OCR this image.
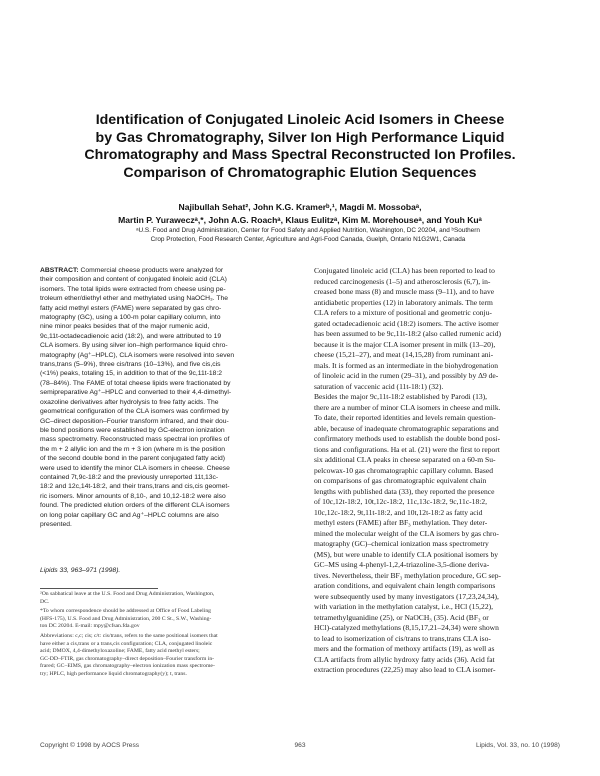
Identification of Conjugated Linoleic Acid Isomers in Cheese
by Gas Chromatography, Silver Ion High Performance Liquid
Chromatography and Mass Spectral Reconstructed Ion Profiles.
Comparison of Chromatographic Elution Sequences
Najibullah Sehat², John K.G. Kramerᵇ,¹, Magdi M. Mossobaᵃ,
Martin P. Yuraweczᵃ,*, John A.G. Roachᵃ, Klaus Eulitzᵃ, Kim M. Morehouseᵃ, and Youh Kuᵃ
ᵃU.S. Food and Drug Administration, Center for Food Safety and Applied Nutrition, Washington, DC 20204, and ᵇSouthern
Crop Protection, Food Research Center, Agriculture and Agri-Food Canada, Guelph, Ontario N1G2W1, Canada
ABSTRACT: Commercial cheese products were analyzed for
their composition and content of conjugated linoleic acid (CLA)
isomers. The total lipids were extracted from cheese using pe-
troleum ether/diethyl ether and methylated using NaOCH₃. The
fatty acid methyl esters (FAME) were separated by gas chro-
matography (GC), using a 100-m polar capillary column, into
nine minor peaks besides that of the major rumenic acid,
9c,11t-octadecadienoic acid (18:2), and were attributed to 19
CLA isomers. By using silver ion–high performance liquid chro-
matography (Ag⁺–HPLC), CLA isomers were resolved into seven
trans,trans (5–9%), three cis/trans (10–13%), and five cis,cis
(<1%) peaks, totaling 15, in addition to that of the 9c,11t-18:2
(78–84%). The FAME of total cheese lipids were fractionated by
semipreparative Ag⁺–HPLC and converted to their 4,4-dimethyl-
oxazoline derivatives after hydrolysis to free fatty acids. The
geometrical configuration of the CLA isomers was confirmed by
GC–direct deposition–Fourier transform infrared, and their dou-
ble bond positions were established by GC-electron ionization
mass spectrometry. Reconstructed mass spectral ion profiles of
the m + 2 allylic ion and the m + 3 ion (where m is the position
of the second double bond in the parent conjugated fatty acid)
were used to identify the minor CLA isomers in cheese. Cheese
contained 7t,9c-18:2 and the previously unreported 11t,13c-
18:2 and 12c,14t-18:2, and their trans,trans and cis,cis geomet-
ric isomers. Minor amounts of 8,10-, and 10,12-18:2 were also
found. The predicted elution orders of the different CLA isomers
on long polar capillary GC and Ag⁺–HPLC columns are also
presented.
Lipids 33, 963–971 (1998).
²On sabbatical leave at the U.S. Food and Drug Administration, Washington,
DC.
*To whom correspondence should be addressed at Office of Food Labeling
(HFS-175), U.S. Food and Drug Administration, 200 C St., S.W., Washing-
ton DC 20204. E-mail: mpy@cfsan.fda.gov
Abbreviations: c,c; cis; c/t: cis/trans, refers to the same positional isomers that
have either a cis,trans or a trans,cis configuration; CLA, conjugated linoleic
acid; DMOX, 4,4-dimethyloxazoline; FAME, fatty acid methyl esters;
GC-DD–FTIR, gas chromatography–direct deposition–Fourier transform in-
frared; GC–EIMS, gas chromatography–electron ionization mass spectrome-
try; HPLC, high performance liquid chromatography(y); t, trans.
Conjugated linoleic acid (CLA) has been reported to lead to
reduced carcinogenesis (1–5) and atherosclerosis (6,7), in-
creased bone mass (8) and muscle mass (9–11), and to have
antidiabetic properties (12) in laboratory animals. The term
CLA refers to a mixture of positional and geometric conju-
gated octadecadienoic acid (18:2) isomers. The active isomer
has been assumed to be 9c,11t-18:2 (also called rumenic acid)
because it is the major CLA isomer present in milk (13–20),
cheese (15,21–27), and meat (14,15,28) from ruminant ani-
mals. It is formed as an intermediate in the biohydrogenation
of linoleic acid in the rumen (29–31), and possibly by Δ9 de-
saturation of vaccenic acid (11t-18:1) (32).
Besides the major 9c,11t-18:2 established by Parodi (13),
there are a number of minor CLA isomers in cheese and milk.
To date, their reported identities and levels remain question-
able, because of inadequate chromatographic separations and
confirmatory methods used to establish the double bond posi-
tions and configurations. Ha et al. (21) were the first to report
six additional CLA peaks in cheese separated on a 60-m Su-
pelcowax-10 gas chromatographic capillary column. Based
on comparisons of gas chromatographic equivalent chain
lengths with published data (33), they reported the presence
of 10c,12t-18:2, 10t,12c-18:2, 11c,13c-18:2, 9c,11c-18:2,
10c,12c-18:2, 9t,11t-18:2, and 10t,12t-18:2 as fatty acid
methyl esters (FAME) after BF₃ methylation. They deter-
mined the molecular weight of the CLA isomers by gas chro-
matography (GC)–chemical ionization mass spectrometry
(MS), but were unable to identify CLA positional isomers by
GC–MS using 4-phenyl-1,2,4-triazoline-3,5-dione deriva-
tives. Nevertheless, their BF₃ methylation procedure, GC sep-
aration conditions, and equivalent chain length comparisons
were subsequently used by many investigators (17,23,24,34),
with variation in the methylation catalyst, i.e., HCl (15,22),
tetramethylguanidine (25), or NaOCH₃ (35). Acid (BF₃ or
HCl)-catalyzed methylations (8,15,17,21–24,34) were shown
to lead to isomerization of cis/trans to trans,trans CLA iso-
mers and the formation of methoxy artifacts (19), as well as
CLA artifacts from allylic hydroxy fatty acids (36). Acid fat
extraction procedures (22,25) may also lead to CLA isomer-
Copyright © 1998 by AOCS Press	963	Lipids, Vol. 33, no. 10 (1998)
